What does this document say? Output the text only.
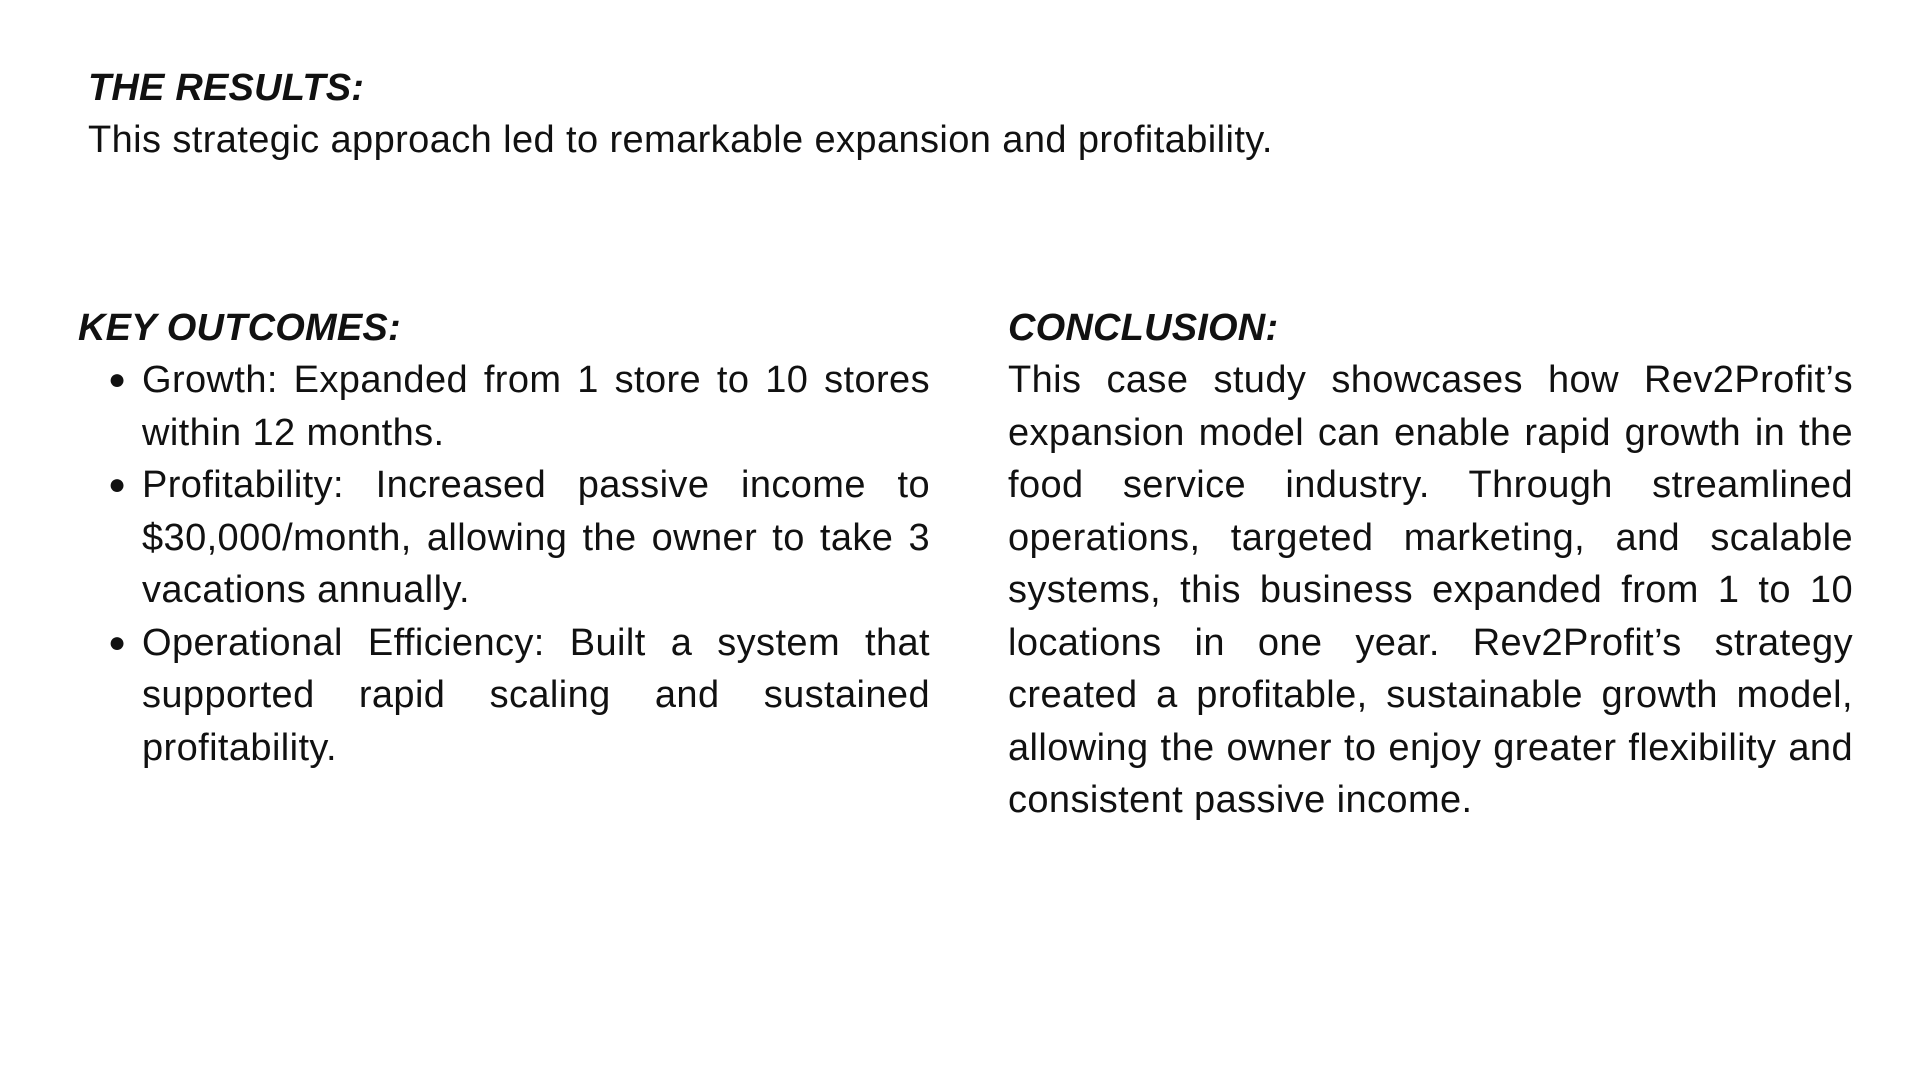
THE RESULTS:

This strategic approach led to remarkable expansion and profitability.

KEY OUTCOMES:
● Growth: Expanded from 1 store to 10 stores within 12 months.
● Profitability: Increased passive income to $30,000/month, allowing the owner to take 3 vacations annually.
● Operational Efficiency: Built a system that supported rapid scaling and sustained profitability.
CONCLUSION:

This case study showcases how Rev2Profit’s expansion model can enable rapid growth in the food service industry. Through streamlined operations, targeted marketing, and scalable systems, this business expanded from 1 to 10 locations in one year. Rev2Profit’s strategy created a profitable, sustainable growth model, allowing the owner to enjoy greater flexibility and consistent passive income.
